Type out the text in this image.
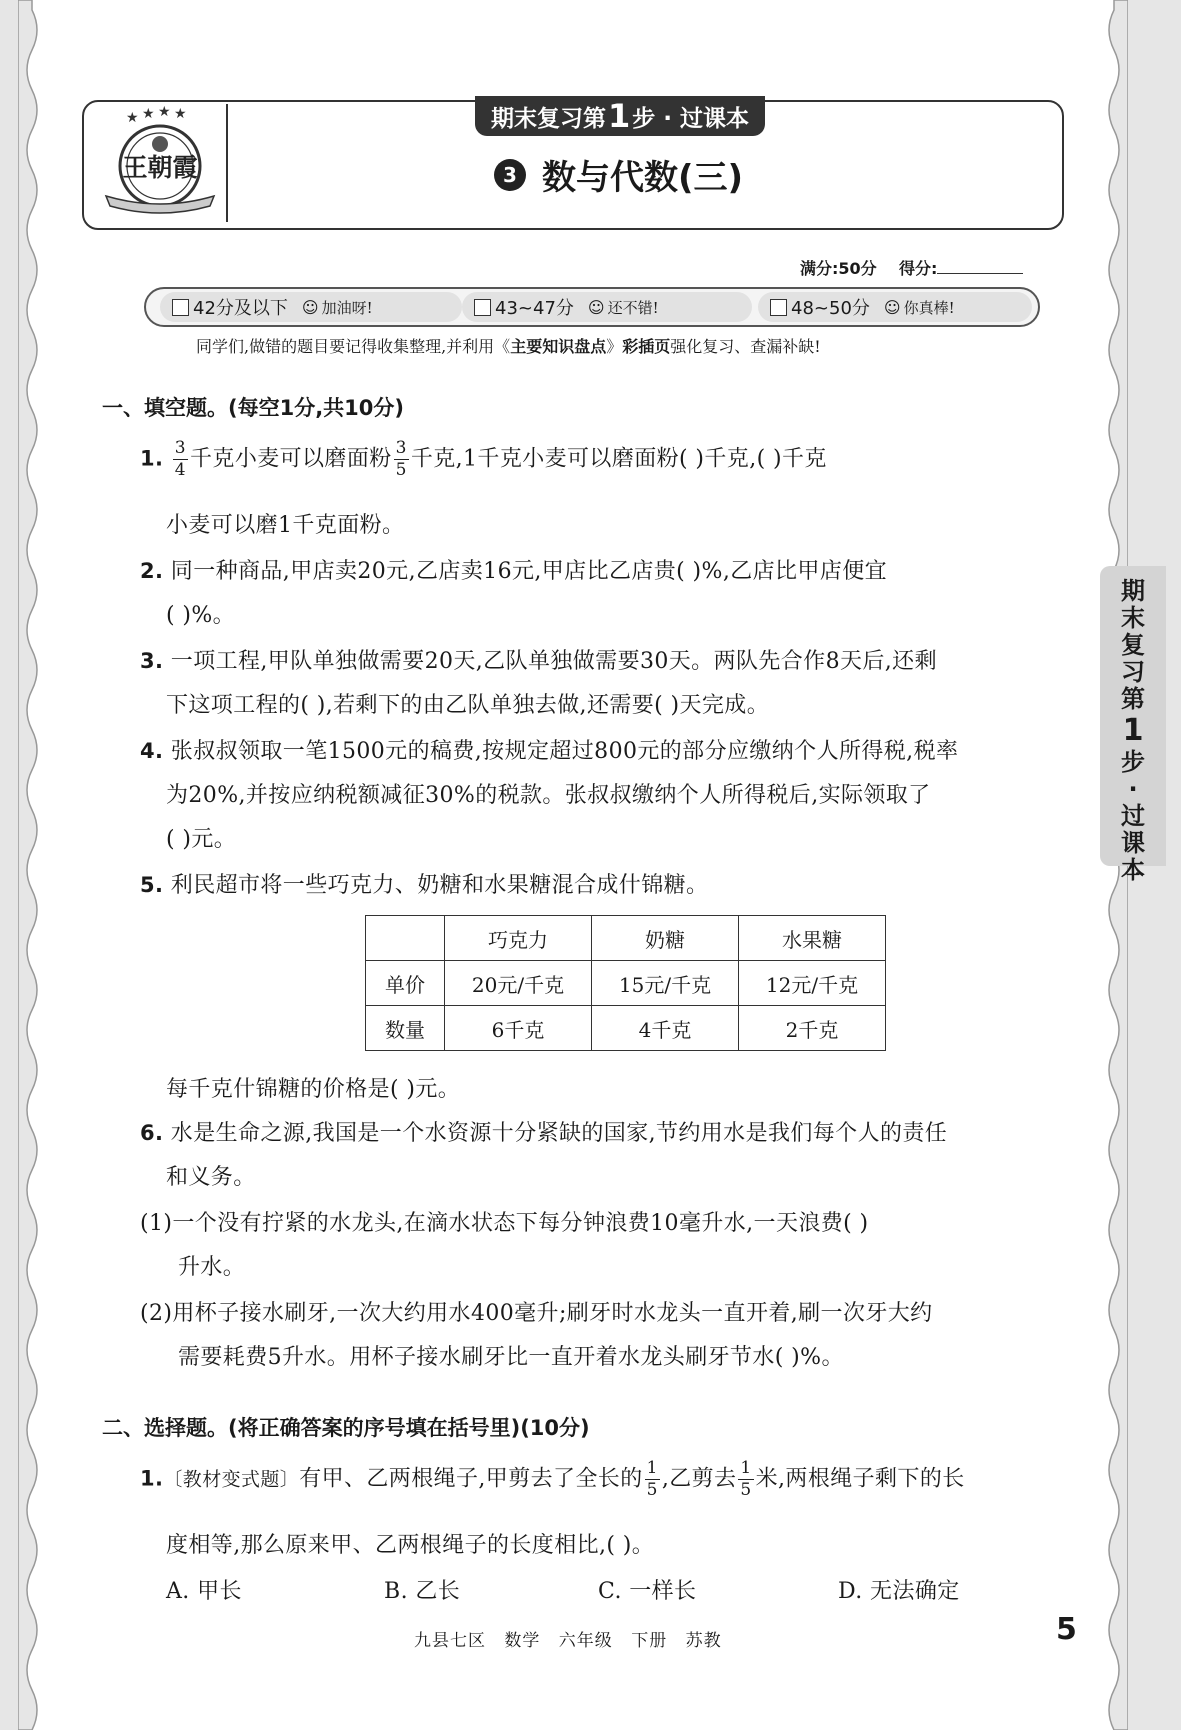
★ ★ ★ ★
王朝霞
期末复习第 1 步 · 过课本
3 数与代数(三)
满分:50分 得分:
42分及以下 ☺ 加油呀!	43~47分 ☺ 还不错!	48~50分 ☺ 你真棒!
同学们,做错的题目要记得收集整理,并利用《主要知识盘点》彩插页强化复习、查漏补缺!
一、填空题。(每空1分,共10分)
1. $\frac{3}{4}$ 千克小麦可以磨面粉 $\frac{3}{5}$ 千克,1千克小麦可以磨面粉( )千克,( )千克
小麦可以磨1千克面粉。
2. 同一种商品,甲店卖20元,乙店卖16元,甲店比乙店贵( )%,乙店比甲店便宜
( )%。
3. 一项工程,甲队单独做需要20天,乙队单独做需要30天。两队先合作8天后,还剩
下这项工程的( ),若剩下的由乙队单独去做,还需要( )天完成。
4. 张叔叔领取一笔1500元的稿费,按规定超过800元的部分应缴纳个人所得税,税率
为20%,并按应纳税额减征30%的税款。张叔叔缴纳个人所得税后,实际领取了
( )元。
5. 利民超市将一些巧克力、奶糖和水果糖混合成什锦糖。
	巧克力	奶糖	水果糖
单价	20元/千克	15元/千克	12元/千克
数量	6千克	4千克	2千克
每千克什锦糖的价格是( )元。
6. 水是生命之源,我国是一个水资源十分紧缺的国家,节约用水是我们每个人的责任
和义务。
(1)一个没有拧紧的水龙头,在滴水状态下每分钟浪费10毫升水,一天浪费( )
升水。
(2)用杯子接水刷牙,一次大约用水400毫升;刷牙时水龙头一直开着,刷一次牙大约
需要耗费5升水。用杯子接水刷牙比一直开着水龙头刷牙节水( )%。
二、选择题。(将正确答案的序号填在括号里)(10分)
1.〔教材变式题〕有甲、乙两根绳子,甲剪去了全长的 $\frac{1}{5}$ ,乙剪去 $\frac{1}{5}$ 米,两根绳子剩下的长
度相等,那么原来甲、乙两根绳子的长度相比,( )。
A. 甲长	B. 乙长	C. 一样长	D. 无法确定
期末复习第
1
步·过课本
九县七区 数学 六年级 下册 苏教	5
